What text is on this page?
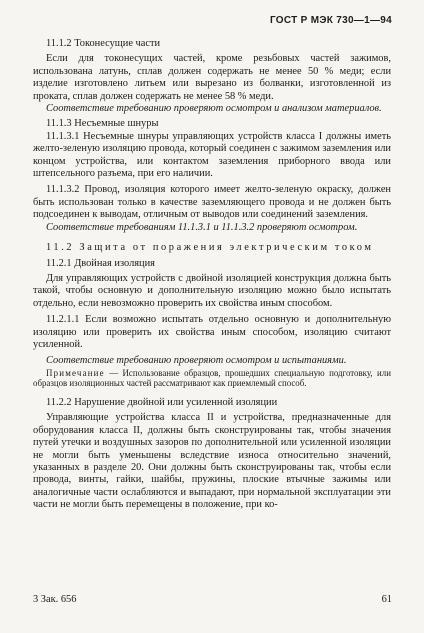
ГОСТ Р МЭК 730—1—94

11.1.2 Токонесущие части

Если для токонесущих частей, кроме резьбовых частей зажимов, использована латунь, сплав должен содержать не менее 50 % меди; если изделие изготовлено литьем или вырезано из болванки, изготовленной из проката, сплав должен содержать не менее 58 % меди.

Соответствие требованию проверяют осмотром и анализом материалов.

11.1.3 Несъемные шнуры

11.1.3.1 Несъемные шнуры управляющих устройств класса I должны иметь желто-зеленую изоляцию провода, который соединен с зажимом заземления или концом устройства, или контактом заземления приборного ввода или штепсельного разъема, при его наличии.

11.1.3.2 Провод, изоляция которого имеет желто-зеленую окраску, должен быть использован только в качестве заземляющего провода и не должен быть подсоединен к выводам, отличным от выводов или соединений заземления.

Соответствие требованиям 11.1.3.1 и 11.1.3.2 проверяют осмотром.

11.2 Защита от поражения электрическим током

11.2.1 Двойная изоляция

Для управляющих устройств с двойной изоляцией конструкция должна быть такой, чтобы основную и дополнительную изоляцию можно было испытать отдельно, если невозможно проверить их свойства иным способом.

11.2.1.1 Если возможно испытать отдельно основную и дополнительную изоляцию или проверить их свойства иным способом, изоляцию считают усиленной.

Соответствие требованию проверяют осмотром и испытаниями.

Примечание — Использование образцов, прошедших специальную подготовку, или образцов изоляционных частей рассматривают как приемлемый способ.

11.2.2 Нарушение двойной или усиленной изоляции

Управляющие устройства класса II и устройства, предназначенные для оборудования класса II, должны быть сконструированы так, чтобы значения путей утечки и воздушных зазоров по дополнительной или усиленной изоляции не могли быть уменьшены вследствие износа относительно значений, указанных в разделе 20. Они должны быть сконструированы так, чтобы если провода, винты, гайки, шайбы, пружины, плоские втычные зажимы или аналогичные части ослабляются и выпадают, при нормальной эксплуатации эти части не могли быть перемещены в положение, при ко-

3 Зак. 656	61
